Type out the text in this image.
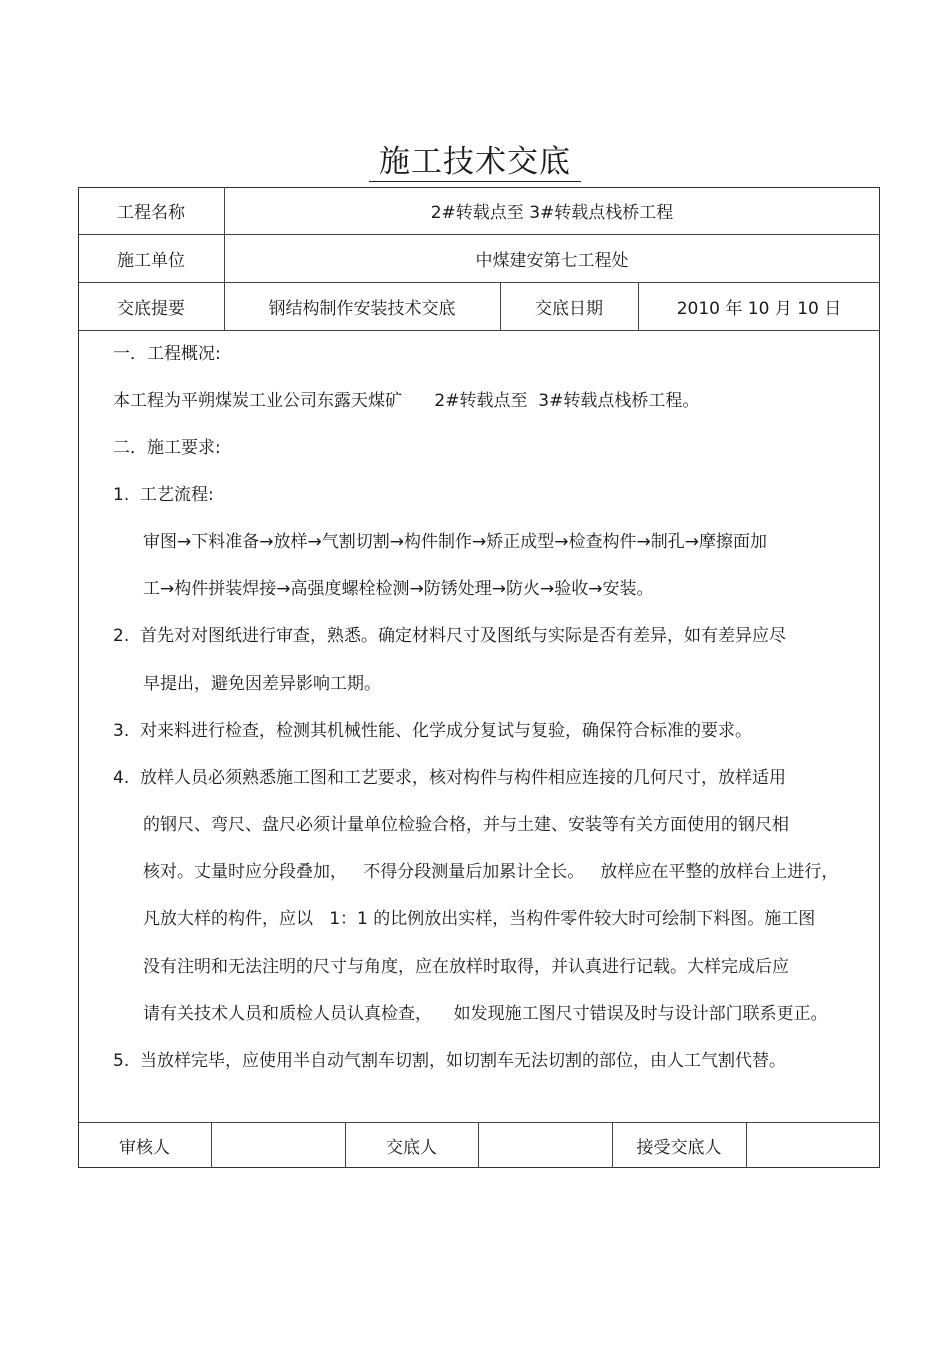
施工技术交底
工程名称	2#转载点至 3#转载点栈桥工程
施工单位	中煤建安第七工程处
交底提要	钢结构制作安装技术交底	交底日期	2010 年 10 月 10 日
一．工程概况:
本工程为平朔煤炭工业公司东露天煤矿      2#转载点至  3#转载点栈桥工程。
二．施工要求:
1.  工艺流程:
审图→下料准备→放样→气割切割→构件制作→矫正成型→检查构件→制孔→摩擦面加
工→构件拼装焊接→高强度螺栓检测→防锈处理→防火→验收→安装。
2.  首先对对图纸进行审查，熟悉。确定材料尺寸及图纸与实际是否有差异，如有差异应尽
早提出，避免因差异影响工期。
3.  对来料进行检查，检测其机械性能、化学成分复试与复验，确保符合标准的要求。
4.  放样人员必须熟悉施工图和工艺要求，核对构件与构件相应连接的几何尺寸，放样适用
的钢尺、弯尺、盘尺必须计量单位检验合格，并与土建、安装等有关方面使用的钢尺相
核对。丈量时应分段叠加，   不得分段测量后加累计全长。   放样应在平整的放样台上进行，
凡放大样的构件，应以   1：1 的比例放出实样，当构件零件较大时可绘制下料图。施工图
没有注明和无法注明的尺寸与角度，应在放样时取得，并认真进行记载。大样完成后应
请有关技术人员和质检人员认真检查，    如发现施工图尺寸错误及时与设计部门联系更正。
5.  当放样完毕，应使用半自动气割车切割，如切割车无法切割的部位，由人工气割代替。
审核人	交底人	接受交底人
